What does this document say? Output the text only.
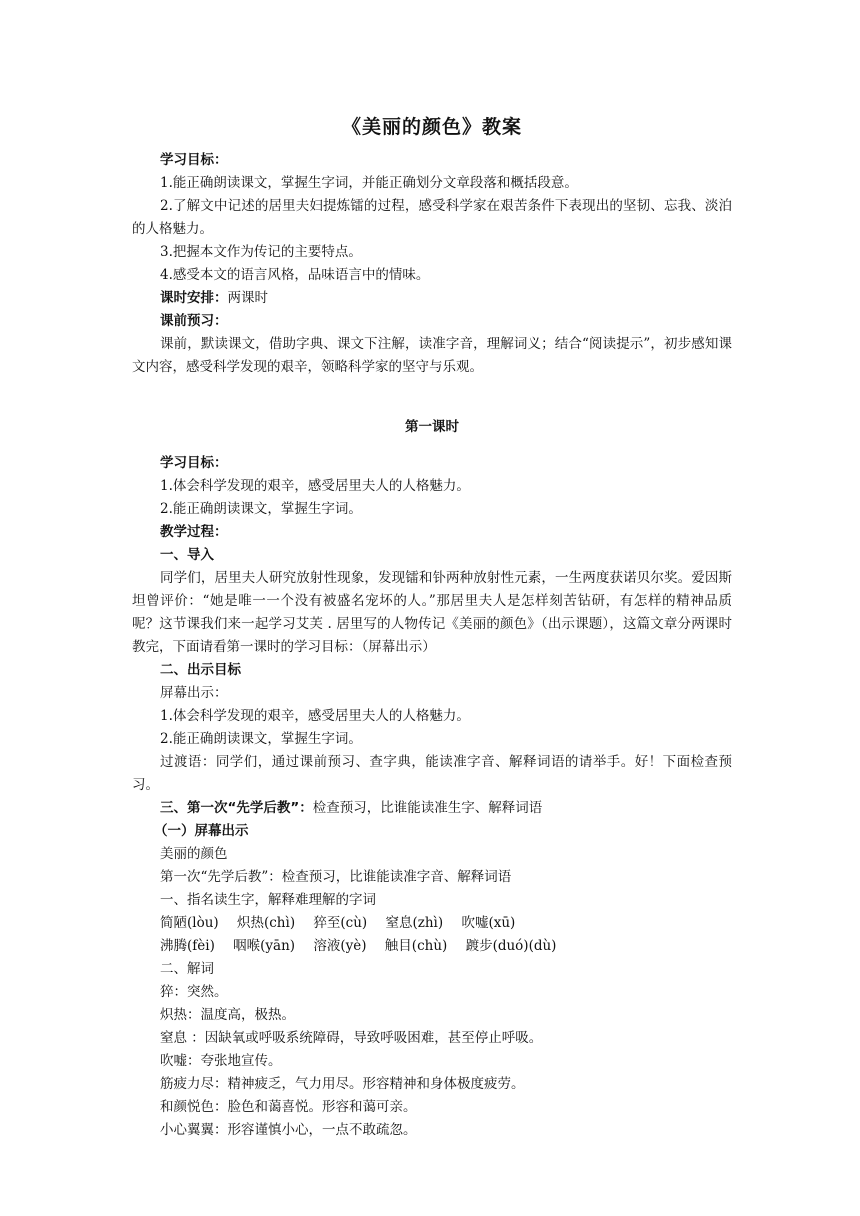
《美丽的颜色》教案

学习目标：

1.能正确朗读课文，掌握生字词，并能正确划分文章段落和概括段意。

2.了解文中记述的居里夫妇提炼镭的过程，感受科学家在艰苦条件下表现出的坚韧、忘我、淡泊的人格魅力。

3.把握本文作为传记的主要特点。

4.感受本文的语言风格，品味语言中的情味。

课时安排：两课时

课前预习：

课前，默读课文，借助字典、课文下注解，读准字音，理解词义；结合“阅读提示”，初步感知课文内容，感受科学发现的艰辛，领略科学家的坚守与乐观。

第一课时

学习目标：

1.体会科学发现的艰辛，感受居里夫人的人格魅力。

2.能正确朗读课文，掌握生字词。

教学过程：

一、导入

同学们，居里夫人研究放射性现象，发现镭和钋两种放射性元素，一生两度获诺贝尔奖。爱因斯坦曾评价：“她是唯一一个没有被盛名宠坏的人。”那居里夫人是怎样刻苦钻研，有怎样的精神品质呢？这节课我们来一起学习艾芙 . 居里写的人物传记《美丽的颜色》（出示课题），这篇文章分两课时教完，下面请看第一课时的学习目标：（屏幕出示）

二、出示目标

屏幕出示：

1.体会科学发现的艰辛，感受居里夫人的人格魅力。

2.能正确朗读课文，掌握生字词。

过渡语：同学们，通过课前预习、查字典，能读准字音、解释词语的请举手。好！下面检查预习。

三、第一次“先学后教”：检查预习，比谁能读准生字、解释词语

（一）屏幕出示

美丽的颜色

第一次“先学后教”：检查预习，比谁能读准字音、解释词语

一、指名读生字，解释难理解的字词

简陋(lòu) 炽热(chì) 猝至(cù) 窒息(zhì) 吹嘘(xū)

沸腾(fèi) 咽喉(yān) 溶液(yè) 触目(chù) 踱步(duó)(dù)

二、解词

猝：突然。

炽热：温度高，极热。

窒息 ：因缺氧或呼吸系统障碍，导致呼吸困难，甚至停止呼吸。

吹嘘：夸张地宣传。

筋疲力尽：精神疲乏，气力用尽。形容精神和身体极度疲劳。

和颜悦色：脸色和蔼喜悦。形容和蔼可亲。

小心翼翼：形容谨慎小心，一点不敢疏忽。
